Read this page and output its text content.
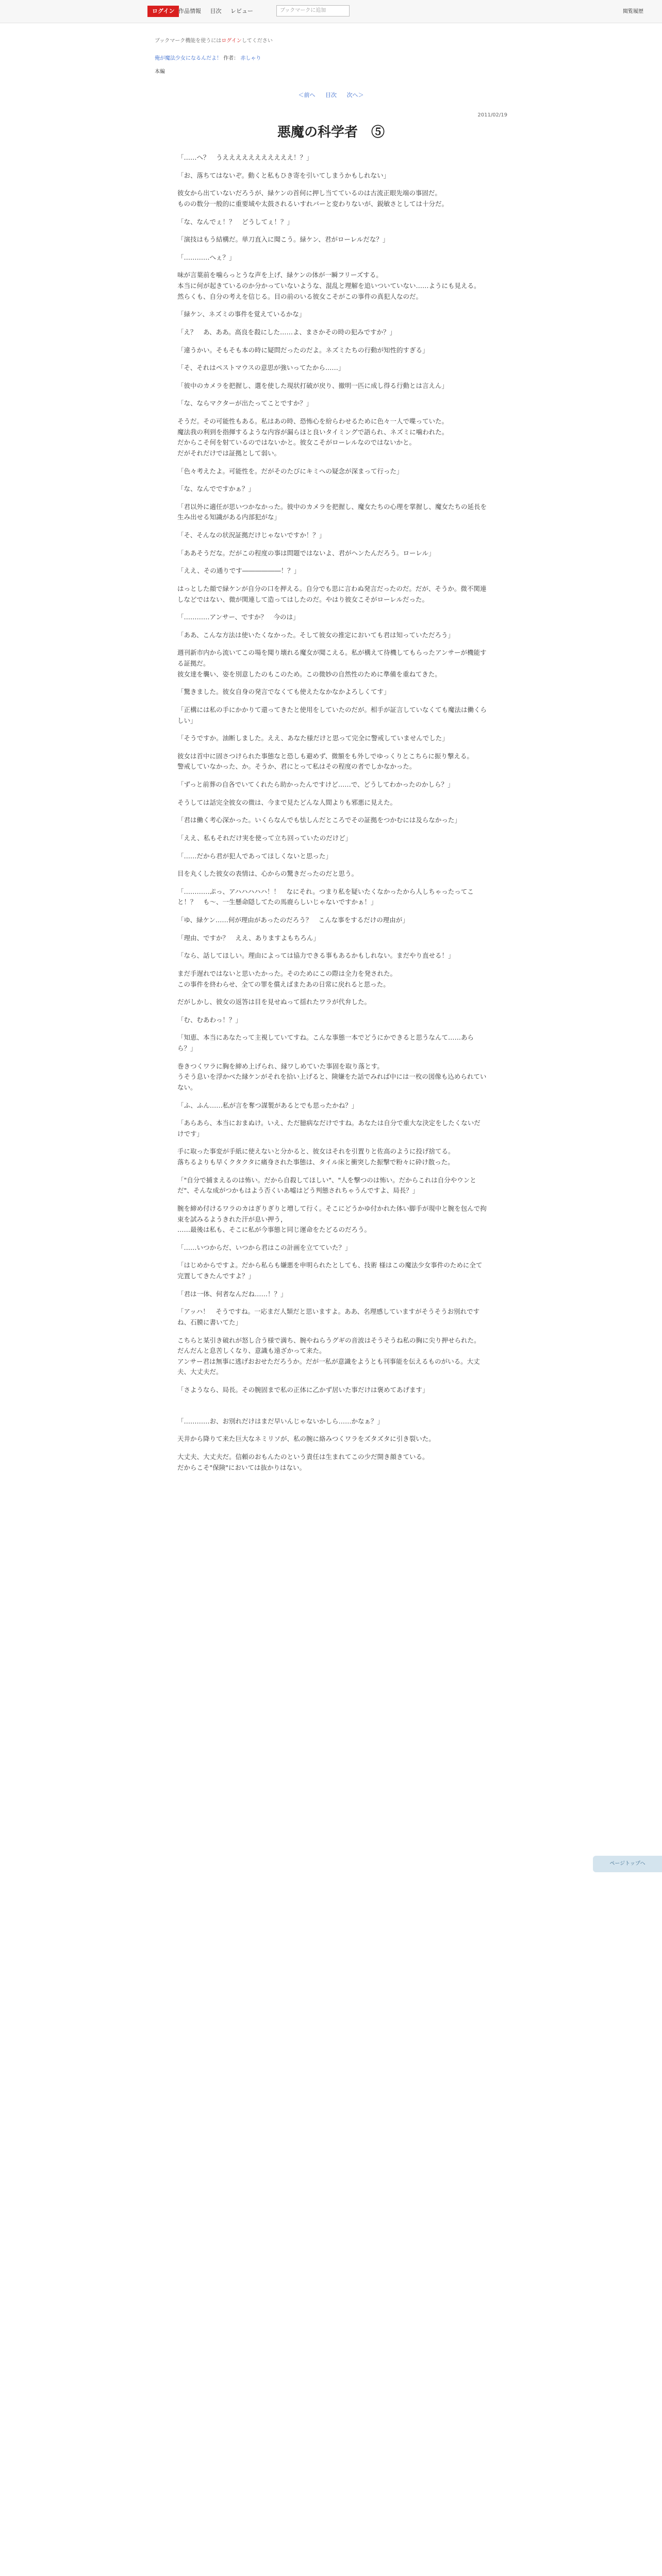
ログイン 作品情報 目次 レビュー	ブックマークに追加	閲覧履歴
ブックマーク機能を使うにはログインしてください
俺が魔法少女になるんだよ！ 作者： 赤しゃり
本編
＜前へ 目次 次へ＞
2011/02/19
悪魔の科学者　⑤

「……へ？　うえええええええええええ！？」

「お、落ちてはないぞ。動くと私もひき寄を引いてしまうかもしれない」

彼女から出ていないだろうが、緑ケンの首何に押し当てているのは古流正眼先端の事固だ。
ものの数分一般的に重要域や太鼓されるいすれバーと変わりないが、鋭敏さとしては十分だ。

「な、なんでぇ！？　どうしてぇ！？」

「演技はもう結構だ。単刀直入に聞こう。緑ケン、君がローレルだな？」

「…………へぇ？」

味が言葉前を噛らっとうな声を上げ、緑ケンの体が一瞬フリーズする。
本当に何が起きているのか分かっていないような、混乱と理解を追いついていない……ようにも見える。
然らくも、自分の考えを信じる。目の前のいる彼女こそがこの事件の真犯人なのだ。

「緑ケン、ネズミの事件を覚えているかな」

「え？　あ、ああ。高良を殺にした……よ、まさかその時の犯みですか？」

「違うかい。そもそも本の時に疑問だったのだよ。ネズミたちの行動が知性的すぎる」

「そ、それはペストマウスの意思が強いってたから……」

「彼中のカメラを把握し、選を使した現状打破が戻り、撤明一匹に成し得る行動とは言えん」

「な、ならマクターが出たってことですか？」

そうだ。その可能性もある。私はあの時、恐怖心を紛らわせるために色々一人で喋っていた。
魔法我の利到を指揮するような内容が漏らほと良いタイミングで語られ、ネズミに噛われた。
だからこそ何を射ているのではないかと。彼女こそがローレルなのではないかと。
だがそれだけでは証拠として弱い。

「色々考えたよ。可能性を。だがそのたびにキミへの疑念が深まって行った」

「な、なんでですかぁ？」

「君以外に適任が思いつかなかった。彼中のカメラを把握し、魔女たちの心理を掌握し、魔女たちの延長を生み出せる知識がある内部犯がな」

「そ、そんなの状況証拠だけじゃないですか！？」

「ああそうだな。だがこの程度の事は問題ではないよ、君がヘンたんだろう。ローレル」

「ええ、その通りです――――――！？」

はっとした顔で緑ケンが自分の口を押える。自分でも思に言わぬ発言だったのだ。だが、そうか。微不関連しなどではない、微が関連して造ってはしたのだ。やはり彼女こそがローレルだった。

「…………アンサー、ですか？　今のは」

「ああ、こんな方法は使いたくなかった。そして彼女の推定においても君は知っていただろう」

週刊新市内から流いてこの場を聞り壊れる魔女が聞こえる。私が構えて待機してもらったアンサーが機能する証拠だ。
彼女達を襲い、姿を別意したのもこのため。この微妙の自然性のために準備を重ねてきた。

「驚きました。彼女自身の発言でなくても使えたなかなかよろしくてす」

「正構には私の手にかかりて還ってきたと使用をしていたのだが。相手が証言していなくても魔法は働くらしい」

「そうですか。油断しました。ええ、あなた様だけと思って完全に警戒していませんでした」

彼女は首中に固さつけられた事態なと恐しも避めず、微額をも外しでゆっくりとこちらに振り撃える。
警戒していなかった、か。そうか、君にとって私はその程度の者でしかなかった。

「ずっと前葬の自各でいてくれたら助かったんですけど……で、どうしてわかったのかしら？」

そうしては話完全彼女の微は、今まで見たどんな人間よりも邪悪に見えた。

「君は働く考心深かった。いくらなんでも怯しんだところでその証拠をつかむには及らなかった」

「ええ、私もそれだけ実を使って立ち回っていたのだけど」

「……だから君が犯人であってほしくないと思った」

目を丸くした彼女の表情は、心からの驚きだったのだと思う。

「…………ぷっ、アハハハハハ！！　なにそれ。つまり私を疑いたくなかったから人しちゃったってこと！？　も～、一生懸命隠してたの馬鹿らしいじゃないですかぁ！」

「ゆ、緑ケン……何が理由があったのだろう？　こんな事をするだけの理由が」

「理由、ですか？　ええ、ありますよもちろん」

「なら、話してほしい。理由によっては協力できる事もあるかもしれない。まだやり直せる！」

まだ手遅れではないと思いたかった。そのためにこの際は全力を発された。
この事件を終わらせ、全ての罪を償えばまたあの日常に戻れると思った。

だがしかし、彼女の返答は目を見せぬって揺れたワラが代弁した。

「む、むあわっ！？」

「知恵、本当にあなたって主視していてすね。こんな事態一本でどうにかできると思うなんて……あらら？」

巻きつくワラに胸を締め上げられ、縁ワしめていた事固を取り落とす。
うそう息いを浮かべた縁ケンがそれを拾い上げると、険嫌をた話でみれば中には一枚の図像も込められていない。

「ふ、ふん……私が言を奪つ謀製があるとでも思ったかね？」

「あらあら、本当におまぬけ。いえ、ただ臆病なだけですね。あなたは自分で重大な決定をしたくないだけです」

手に取った事変が手紙に使えないと分かると、彼女はそれを引置りと佐高のように投げ捨てる。
落ちるよりも早くクタクタに痛身された事態は、タイル床と衝突した振撃で粉々に砕け散った。

「"自分で捕まえるのは怖い。だから自殺してほしい"、"人を撃つのは怖い。だからこれは自分やウンとだ"、そんな成がつかもはよう否くいあ嘘はどう判態されちゃうんですよ、局長？」

腕を締め付けるワラのカはぎりぎりと増して行く。そこにどうかゆ付かれた体い脚手が現中と腕を包んで拘束を試みるようきれた汗が息い押う，
……最後は私も、そこに私が今事態と同じ運命をたどるのだろう。

「……いつからだ、いつから君はこの計画を立てていた？」

「はじめからですよ。だから私らも嫌悪を申明られたとしても、技術 様はこの魔法少女事件のために全て完置してきたんですよ？」

「君は一体、何者なんだね……！？」

「アッハ！　そうですね。一応まだ人類だと思いますよ。ああ、名理感していますがそうそうお別れですね、石膜に書いてた」

こちらと某引き破れが怒し合う様で満ち、腕やねらうグギの音波はそうそうね私の胸に尖り押せられた。
だんだんと息苦しくなり、意識も遠ざかって来た。
アンサー君は無事に逃げおおせただろうか。だが一私が意識をようとも刊事能を伝えるものがいる。大丈夫、大丈夫だ。

「さようなら、局長。その腕固まで私の正体に乙かず居いた事だけは褒めてあげます」

「…………お、お別れだけはまだ早いんじゃないかしら……かなぁ？」

天井から降りて来た巨大なネミリソが、私の腕に絡みつくワラをズタズタに引き裂いた。

大丈夫、大丈夫だ。信頼のおもんたのという責任は生まれてこの少だ開き顔きている。
だからこそ"保険"においては抜かりはない。

ページトップへ
